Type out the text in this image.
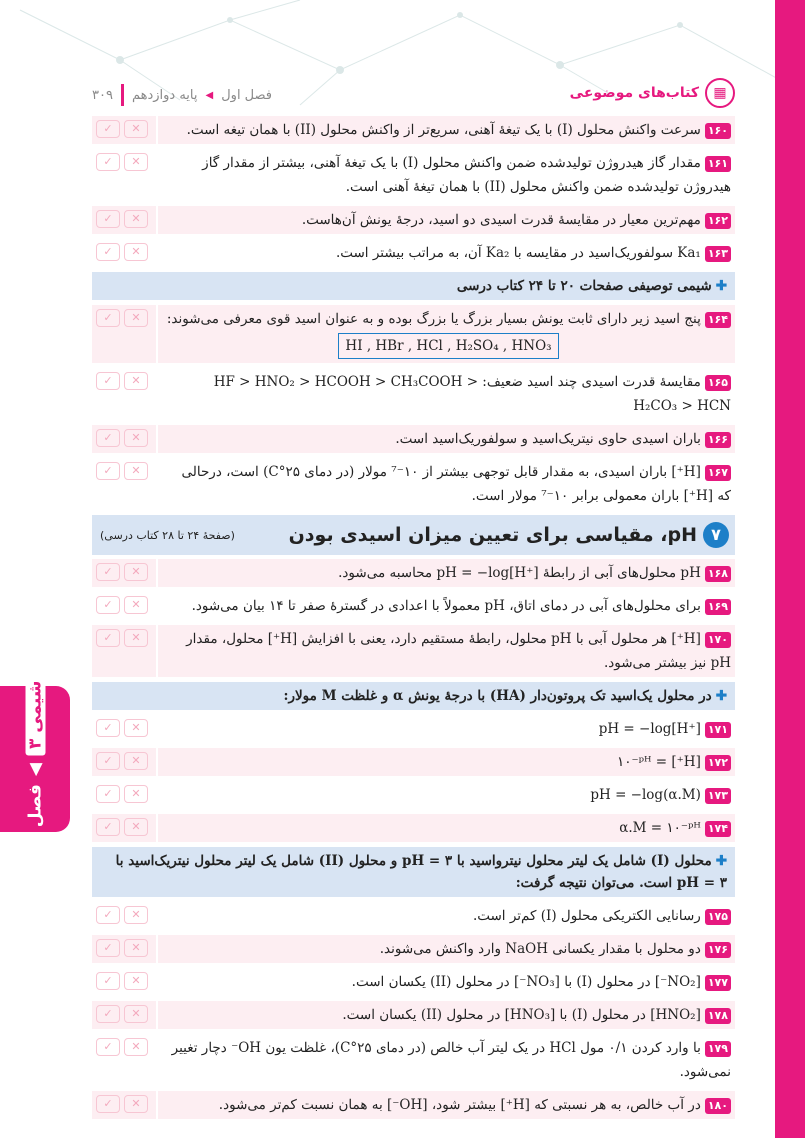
▦
کتاب‌های موضوعی
فصل اول
◀
پایه دوازدهم
۳۰۹
شیمی ۳
◀
فصل ۱
۱۶۰سرعت واکنش محلول (I) با یک تیغهٔ آهنی، سریع‌تر از واکنش محلول (II) با همان تیغه است.
✓	✕
۱۶۱مقدار گاز هیدروژن تولیدشده ضمن واکنش محلول (I) با یک تیغهٔ آهنی، بیشتر از مقدار گاز هیدروژن تولیدشده ضمن واکنش محلول (II) با همان تیغهٔ آهنی است.
✓	✕
۱۶۲مهم‌ترین معیار در مقایسهٔ قدرت اسیدی دو اسید، درجهٔ یونش آن‌هاست.
✓	✕
۱۶۳Ka₁ سولفوریک‌اسید در مقایسه با Ka₂ آن، به مراتب بیشتر است.
✓	✕
✚شیمی توصیفی صفحات ۲۰ تا ۲۴ کتاب درسی
۱۶۴پنج اسید زیر دارای ثابت یونش بسیار بزرگ یا بزرگ بوده و به عنوان اسید قوی معرفی می‌شوند:
HI , HBr , HCl , H₂SO₄ , HNO₃
✓	✕
۱۶۵مقایسهٔ قدرت اسیدی چند اسید ضعیف: HF > HNO₂ > HCOOH > CH₃COOH > H₂CO₃ > HCN
✓	✕
۱۶۶باران اسیدی حاوی نیتریک‌اسید و سولفوریک‌اسید است.
✓	✕
۱۶۷[H⁺] باران اسیدی، به مقدار قابل توجهی بیشتر از ۱۰⁻⁷ مولار (در دمای ۲۵°C) است، درحالی که [H⁺] باران معمولی برابر ۱۰⁻⁷ مولار است.
✓	✕
۷
pH، مقیاسی برای تعیین میزان اسیدی بودن
(صفحهٔ ۲۴ تا ۲۸ کتاب درسی)
۱۶۸pH محلول‌های آبی از رابطهٔ pH = −log[H⁺] محاسبه می‌شود.
✓	✕
۱۶۹برای محلول‌های آبی در دمای اتاق، pH معمولاً با اعدادی در گسترهٔ صفر تا ۱۴ بیان می‌شود.
✓	✕
۱۷۰[H⁺] هر محلول آبی با pH محلول، رابطهٔ مستقیم دارد، یعنی با افزایش [H⁺] محلول، مقدار pH نیز بیشتر می‌شود.
✓	✕
✚در محلول یک‌اسید تک پروتون‌دار (HA) با درجهٔ یونش α و غلظت M مولار:
۱۷۱pH = −log[H⁺]
✓	✕
۱۷۲[H⁺] = ۱۰⁻ᵖᴴ
✓	✕
۱۷۳pH = −log(α.M)
✓	✕
۱۷۴α.M = ۱۰⁻ᵖᴴ
✓	✕
✚محلول (I) شامل یک لیتر محلول نیترواسید با pH = ۳ و محلول (II) شامل یک لیتر محلول نیتریک‌اسید با pH = ۳ است. می‌توان نتیجه گرفت:
۱۷۵رسانایی الکتریکی محلول (I) کم‌تر است.
✓	✕
۱۷۶دو محلول با مقدار یکسانی NaOH وارد واکنش می‌شوند.
✓	✕
۱۷۷[NO₂⁻] در محلول (I) با [NO₃⁻] در محلول (II) یکسان است.
✓	✕
۱۷۸[HNO₂] در محلول (I) با [HNO₃] در محلول (II) یکسان است.
✓	✕
۱۷۹با وارد کردن ۰/۱ مول HCl در یک لیتر آب خالص (در دمای ۲۵°C)، غلظت یون OH⁻ دچار تغییر نمی‌شود.
✓	✕
۱۸۰در آب خالص، به هر نسبتی که [H⁺] بیشتر شود، [OH⁻] به همان نسبت کم‌تر می‌شود.
✓	✕
